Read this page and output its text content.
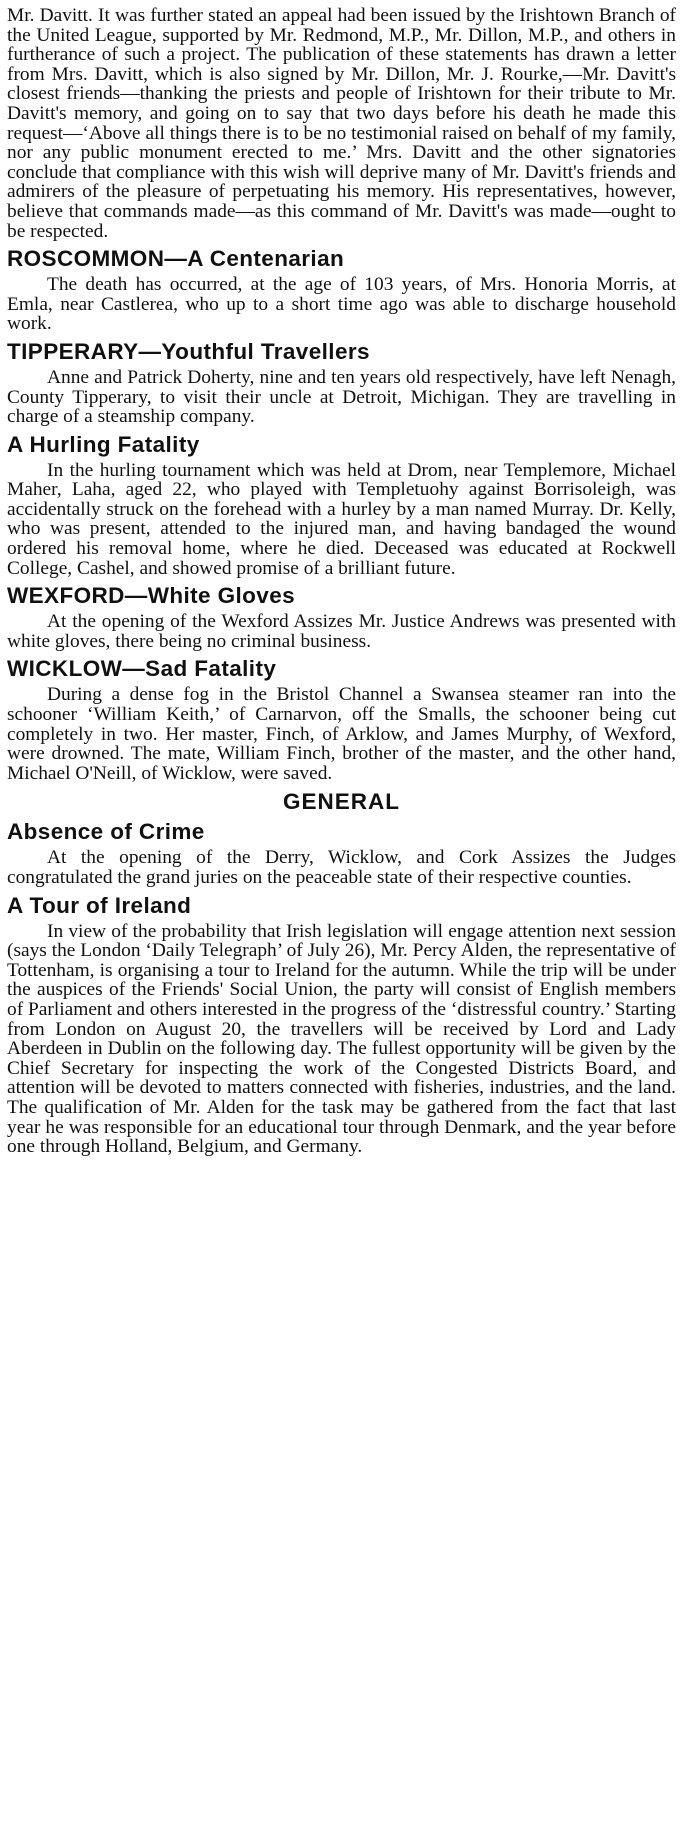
Mr. Davitt. It was further stated an appeal had been issued by the Irishtown Branch of the United League, supported by Mr. Redmond, M.P., Mr. Dillon, M.P., and others in furtherance of such a project. The publication of these statements has drawn a letter from Mrs. Davitt, which is also signed by Mr. Dillon, Mr. J. Rourke,—Mr. Davitt's closest friends—thanking the priests and people of Irishtown for their tribute to Mr. Davitt's memory, and going on to say that two days before his death he made this request—‘Above all things there is to be no testimonial raised on behalf of my family, nor any public monument erected to me.’ Mrs. Davitt and the other signatories conclude that compliance with this wish will deprive many of Mr. Davitt's friends and admirers of the pleasure of perpetuating his memory. His representatives, however, believe that commands made—as this command of Mr. Davitt's was made—ought to be respected.

ROSCOMMON—A Centenarian

The death has occurred, at the age of 103 years, of Mrs. Honoria Morris, at Emla, near Castlerea, who up to a short time ago was able to discharge household work.

TIPPERARY—Youthful Travellers

Anne and Patrick Doherty, nine and ten years old respectively, have left Nenagh, County Tipperary, to visit their uncle at Detroit, Michigan. They are travelling in charge of a steamship company.

A Hurling Fatality

In the hurling tournament which was held at Drom, near Templemore, Michael Maher, Laha, aged 22, who played with Templetuohy against Borrisoleigh, was accidentally struck on the forehead with a hurley by a man named Murray. Dr. Kelly, who was present, attended to the injured man, and having bandaged the wound ordered his removal home, where he died. Deceased was educated at Rockwell College, Cashel, and showed promise of a brilliant future.

WEXFORD—White Gloves

At the opening of the Wexford Assizes Mr. Justice Andrews was presented with white gloves, there being no criminal business.

WICKLOW—Sad Fatality

During a dense fog in the Bristol Channel a Swansea steamer ran into the schooner ‘William Keith,’ of Carnarvon, off the Smalls, the schooner being cut completely in two. Her master, Finch, of Arklow, and James Murphy, of Wexford, were drowned. The mate, William Finch, brother of the master, and the other hand, Michael O'Neill, of Wicklow, were saved.

GENERAL
Absence of Crime

At the opening of the Derry, Wicklow, and Cork Assizes the Judges congratulated the grand juries on the peaceable state of their respective counties.

A Tour of Ireland

In view of the probability that Irish legislation will engage attention next session (says the London ‘Daily Telegraph’ of July 26), Mr. Percy Alden, the representative of Tottenham, is organising a tour to Ireland for the autumn. While the trip will be under the auspices of the Friends' Social Union, the party will consist of English members of Parliament and others interested in the progress of the ‘distressful country.’ Starting from London on August 20, the travellers will be received by Lord and Lady Aberdeen in Dublin on the following day. The fullest opportunity will be given by the Chief Secretary for inspecting the work of the Congested Districts Board, and attention will be devoted to matters connected with fisheries, industries, and the land. The qualification of Mr. Alden for the task may be gathered from the fact that last year he was responsible for an educational tour through Denmark, and the year before one through Holland, Belgium, and Germany.
